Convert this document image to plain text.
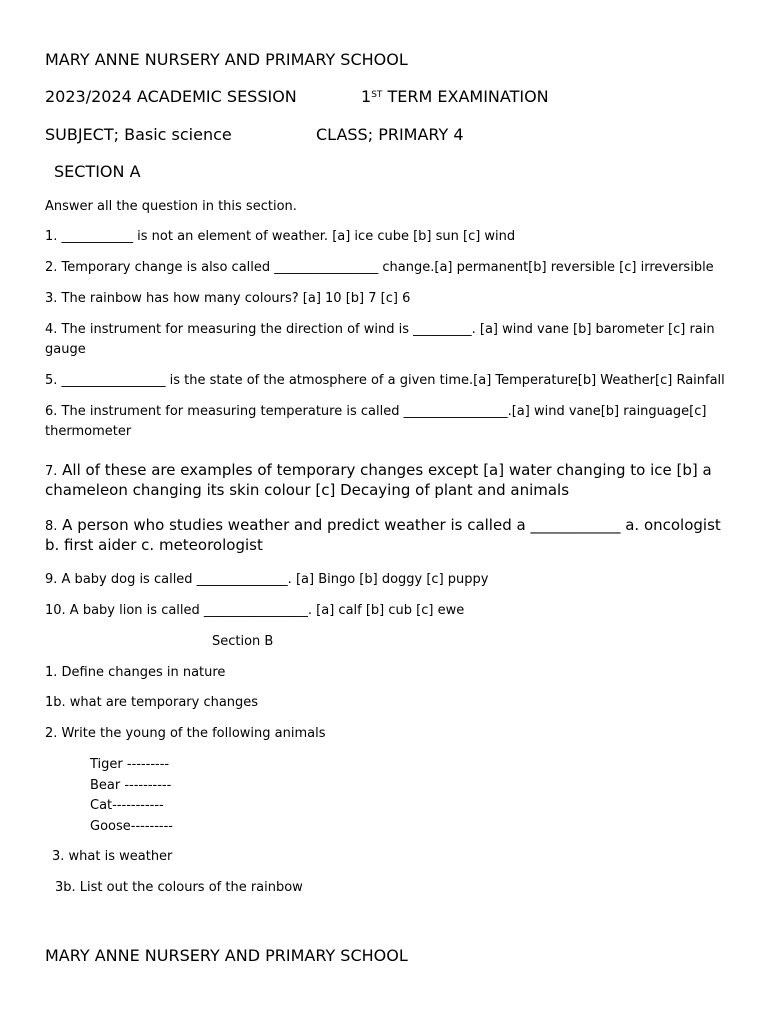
MARY ANNE NURSERY AND PRIMARY SCHOOL
2023/2024 ACADEMIC SESSION	1ST TERM EXAMINATION
SUBJECT; Basic science	CLASS; PRIMARY 4
SECTION A
Answer all the question in this section.
1. ___________ is not an element of weather. [a] ice cube [b] sun [c] wind
2. Temporary change is also called ________________ change.[a] permanent[b] reversible [c] irreversible
3. The rainbow has how many colours? [a] 10 [b] 7 [c] 6
4. The instrument for measuring the direction of wind is _________. [a] wind vane [b] barometer [c] rain gauge
5. ________________ is the state of the atmosphere of a given time.[a] Temperature[b] Weather[c] Rainfall
6. The instrument for measuring temperature is called ________________.[a] wind vane[b] rainguage[c] thermometer
7. All of these are examples of temporary changes except [a] water changing to ice [b] a chameleon changing its skin colour [c] Decaying of plant and animals
8. A person who studies weather and predict weather is called a ____________ a. oncologist b. first aider c. meteorologist
9. A baby dog is called ______________. [a] Bingo [b] doggy [c] puppy
10. A baby lion is called ________________. [a] calf [b] cub [c] ewe
Section B
1. Define changes in nature
1b. what are temporary changes
2. Write the young of the following animals
Tiger ---------
Bear ----------
Cat-----------
Goose---------
3. what is weather
3b. List out the colours of the rainbow
MARY ANNE NURSERY AND PRIMARY SCHOOL
